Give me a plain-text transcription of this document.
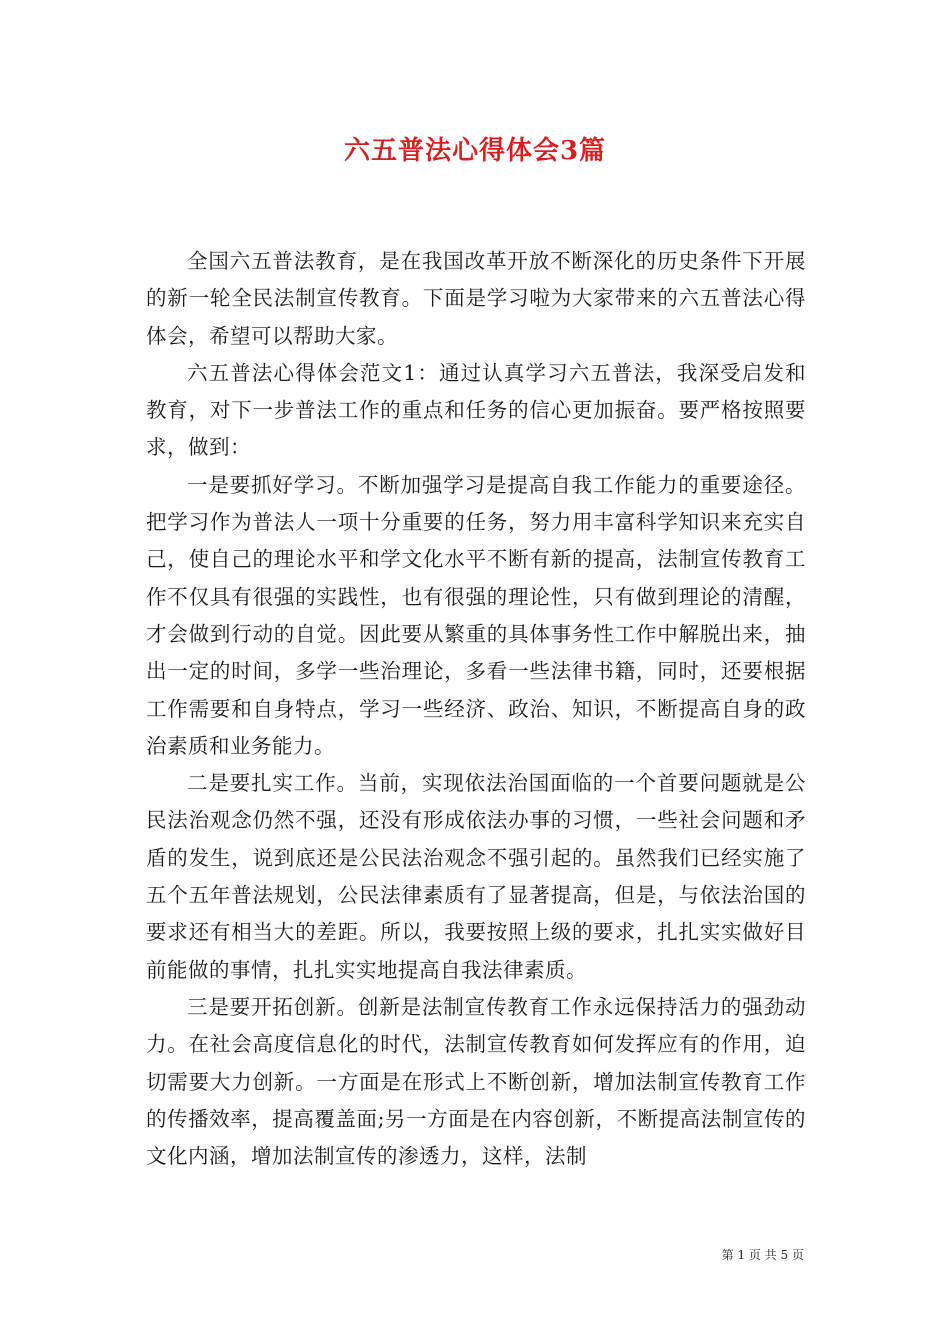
六五普法心得体会3篇

全国六五普法教育，是在我国改革开放不断深化的历史条件下开展的新一轮全民法制宣传教育。下面是学习啦为大家带来的六五普法心得体会，希望可以帮助大家。

六五普法心得体会范文1：通过认真学习六五普法，我深受启发和教育，对下一步普法工作的重点和任务的信心更加振奋。要严格按照要求，做到：

一是要抓好学习。不断加强学习是提高自我工作能力的重要途径。把学习作为普法人一项十分重要的任务，努力用丰富科学知识来充实自己，使自己的理论水平和学文化水平不断有新的提高，法制宣传教育工作不仅具有很强的实践性，也有很强的理论性，只有做到理论的清醒，才会做到行动的自觉。因此要从繁重的具体事务性工作中解脱出来，抽出一定的时间，多学一些治理论，多看一些法律书籍，同时，还要根据工作需要和自身特点，学习一些经济、政治、知识，不断提高自身的政治素质和业务能力。

二是要扎实工作。当前，实现依法治国面临的一个首要问题就是公民法治观念仍然不强，还没有形成依法办事的习惯，一些社会问题和矛盾的发生，说到底还是公民法治观念不强引起的。虽然我们已经实施了五个五年普法规划，公民法律素质有了显著提高，但是，与依法治国的要求还有相当大的差距。所以，我要按照上级的要求，扎扎实实做好目前能做的事情，扎扎实实地提高自我法律素质。

三是要开拓创新。创新是法制宣传教育工作永远保持活力的强劲动力。在社会高度信息化的时代，法制宣传教育如何发挥应有的作用，迫切需要大力创新。一方面是在形式上不断创新，增加法制宣传教育工作的传播效率，提高覆盖面;另一方面是在内容创新，不断提高法制宣传的文化内涵，增加法制宣传的渗透力，这样，法制

第 1 页 共 5 页
